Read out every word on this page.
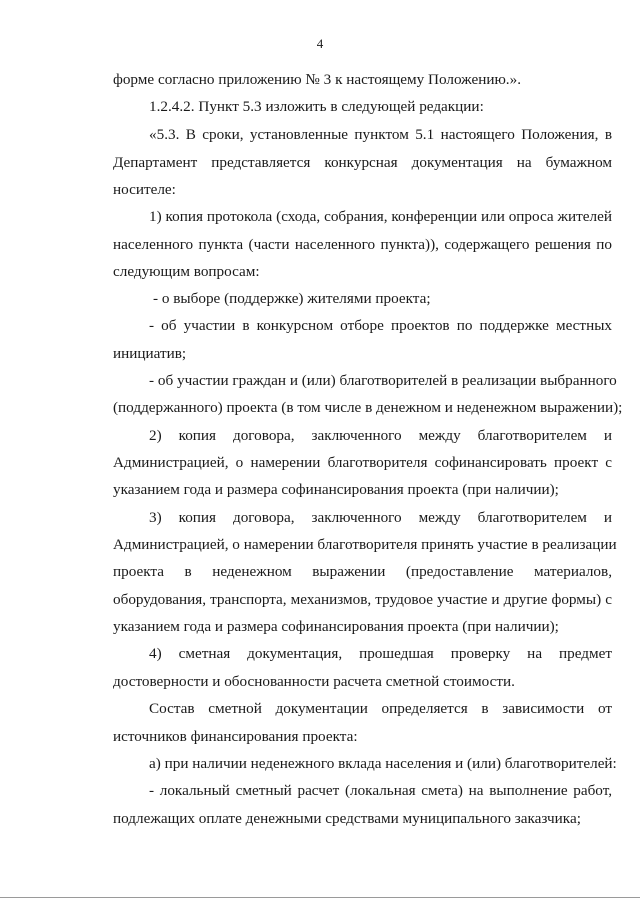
4
форме согласно приложению № 3 к настоящему Положению.».
1.2.4.2. Пункт 5.3 изложить в следующей редакции:
«5.3. В сроки, установленные пунктом 5.1 настоящего Положения, в
Департамент представляется конкурсная документация на бумажном
носителе:
1) копия протокола (схода, собрания, конференции или опроса жителей
населенного пункта (части населенного пункта)), содержащего решения по
следующим вопросам:
- о выборе (поддержке) жителями проекта;
- об участии в конкурсном отборе проектов по поддержке местных
инициатив;
- об участии граждан и (или) благотворителей в реализации выбранного
(поддержанного) проекта (в том числе в денежном и неденежном выражении);
2) копия договора, заключенного между благотворителем и
Администрацией, о намерении благотворителя софинансировать проект с
указанием года и размера софинансирования проекта (при наличии);
3) копия договора, заключенного между благотворителем и
Администрацией, о намерении благотворителя принять участие в реализации
проекта в неденежном выражении (предоставление материалов,
оборудования, транспорта, механизмов, трудовое участие и другие формы) с
указанием года и размера софинансирования проекта (при наличии);
4) сметная документация, прошедшая проверку на предмет
достоверности и обоснованности расчета сметной стоимости.
Состав сметной документации определяется в зависимости от
источников финансирования проекта:
а) при наличии неденежного вклада населения и (или) благотворителей:
- локальный сметный расчет (локальная смета) на выполнение работ,
подлежащих оплате денежными средствами муниципального заказчика;
